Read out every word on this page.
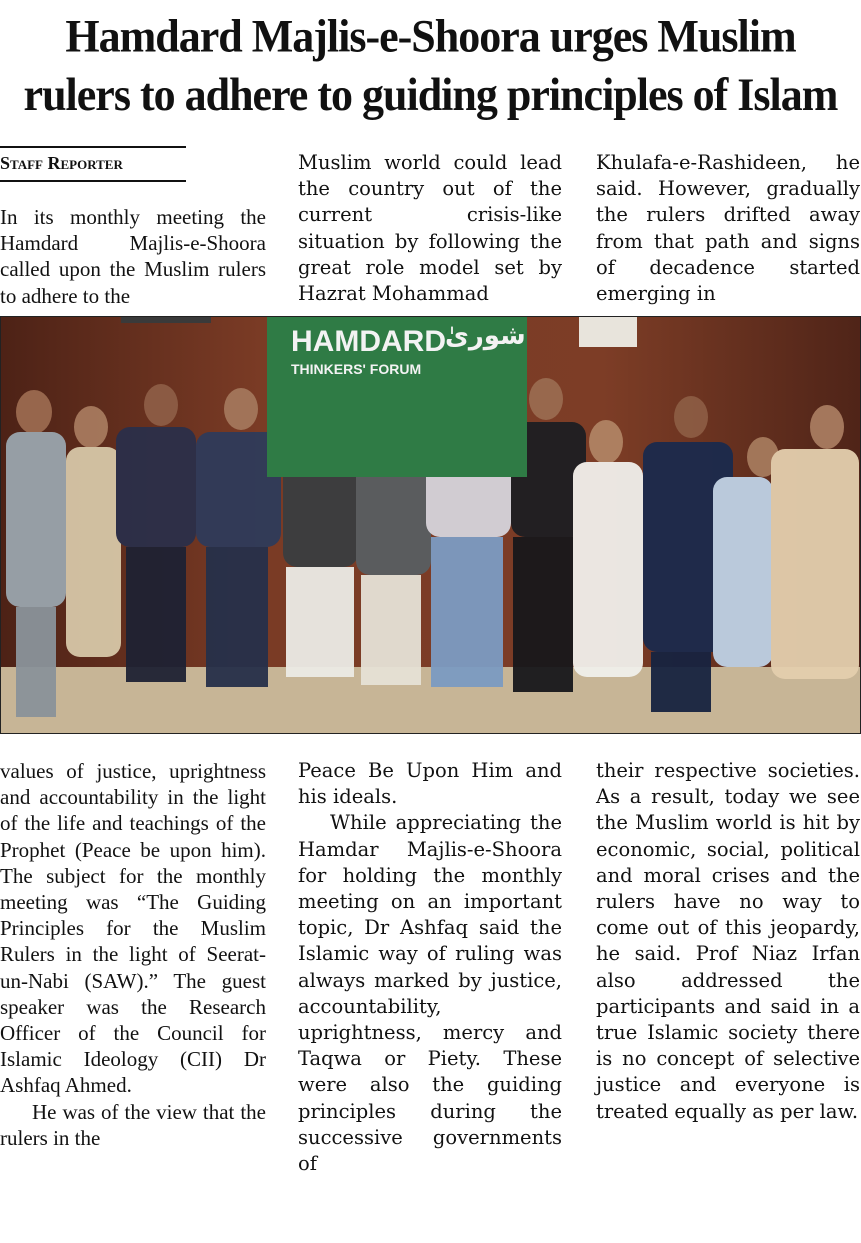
Hamdard Majlis-e-Shoora urges Muslim
rulers to adhere to guiding principles of Islam
Staff Reporter

In its monthly meeting the Hamdard Majlis-e-Shoora called upon the Muslim rulers to adhere to the

Muslim world could lead the country out of the current crisis-like situation by following the great role model set by Hazrat Mohammad

Khulafa-e-Rashideen, he said. However, gradually the rulers drifted away from that path and signs of decadence started emerging in

HAMDARD
THINKERS' FORUM
شوریٰ

values of justice, uprightness and accountability in the light of the life and teachings of the Prophet (Peace be upon him). The subject for the monthly meeting was “The Guiding Principles for the Muslim Rulers in the light of Seerat-un-Nabi (SAW).” The guest speaker was the Research Officer of the Council for Islamic Ideology (CII) Dr Ashfaq Ahmed.

He was of the view that the rulers in the

Peace Be Upon Him and his ideals.

While appreciating the Hamdar Majlis-e-Shoora for holding the monthly meeting on an important topic, Dr Ashfaq said the Islamic way of ruling was always marked by justice, accountability, uprightness, mercy and Taqwa or Piety. These were also the guiding principles during the successive governments of

their respective societies. As a result, today we see the Muslim world is hit by economic, social, political and moral crises and the rulers have no way to come out of this jeopardy, he said. Prof Niaz Irfan also addressed the participants and said in a true Islamic society there is no concept of selective justice and everyone is treated equally as per law.
